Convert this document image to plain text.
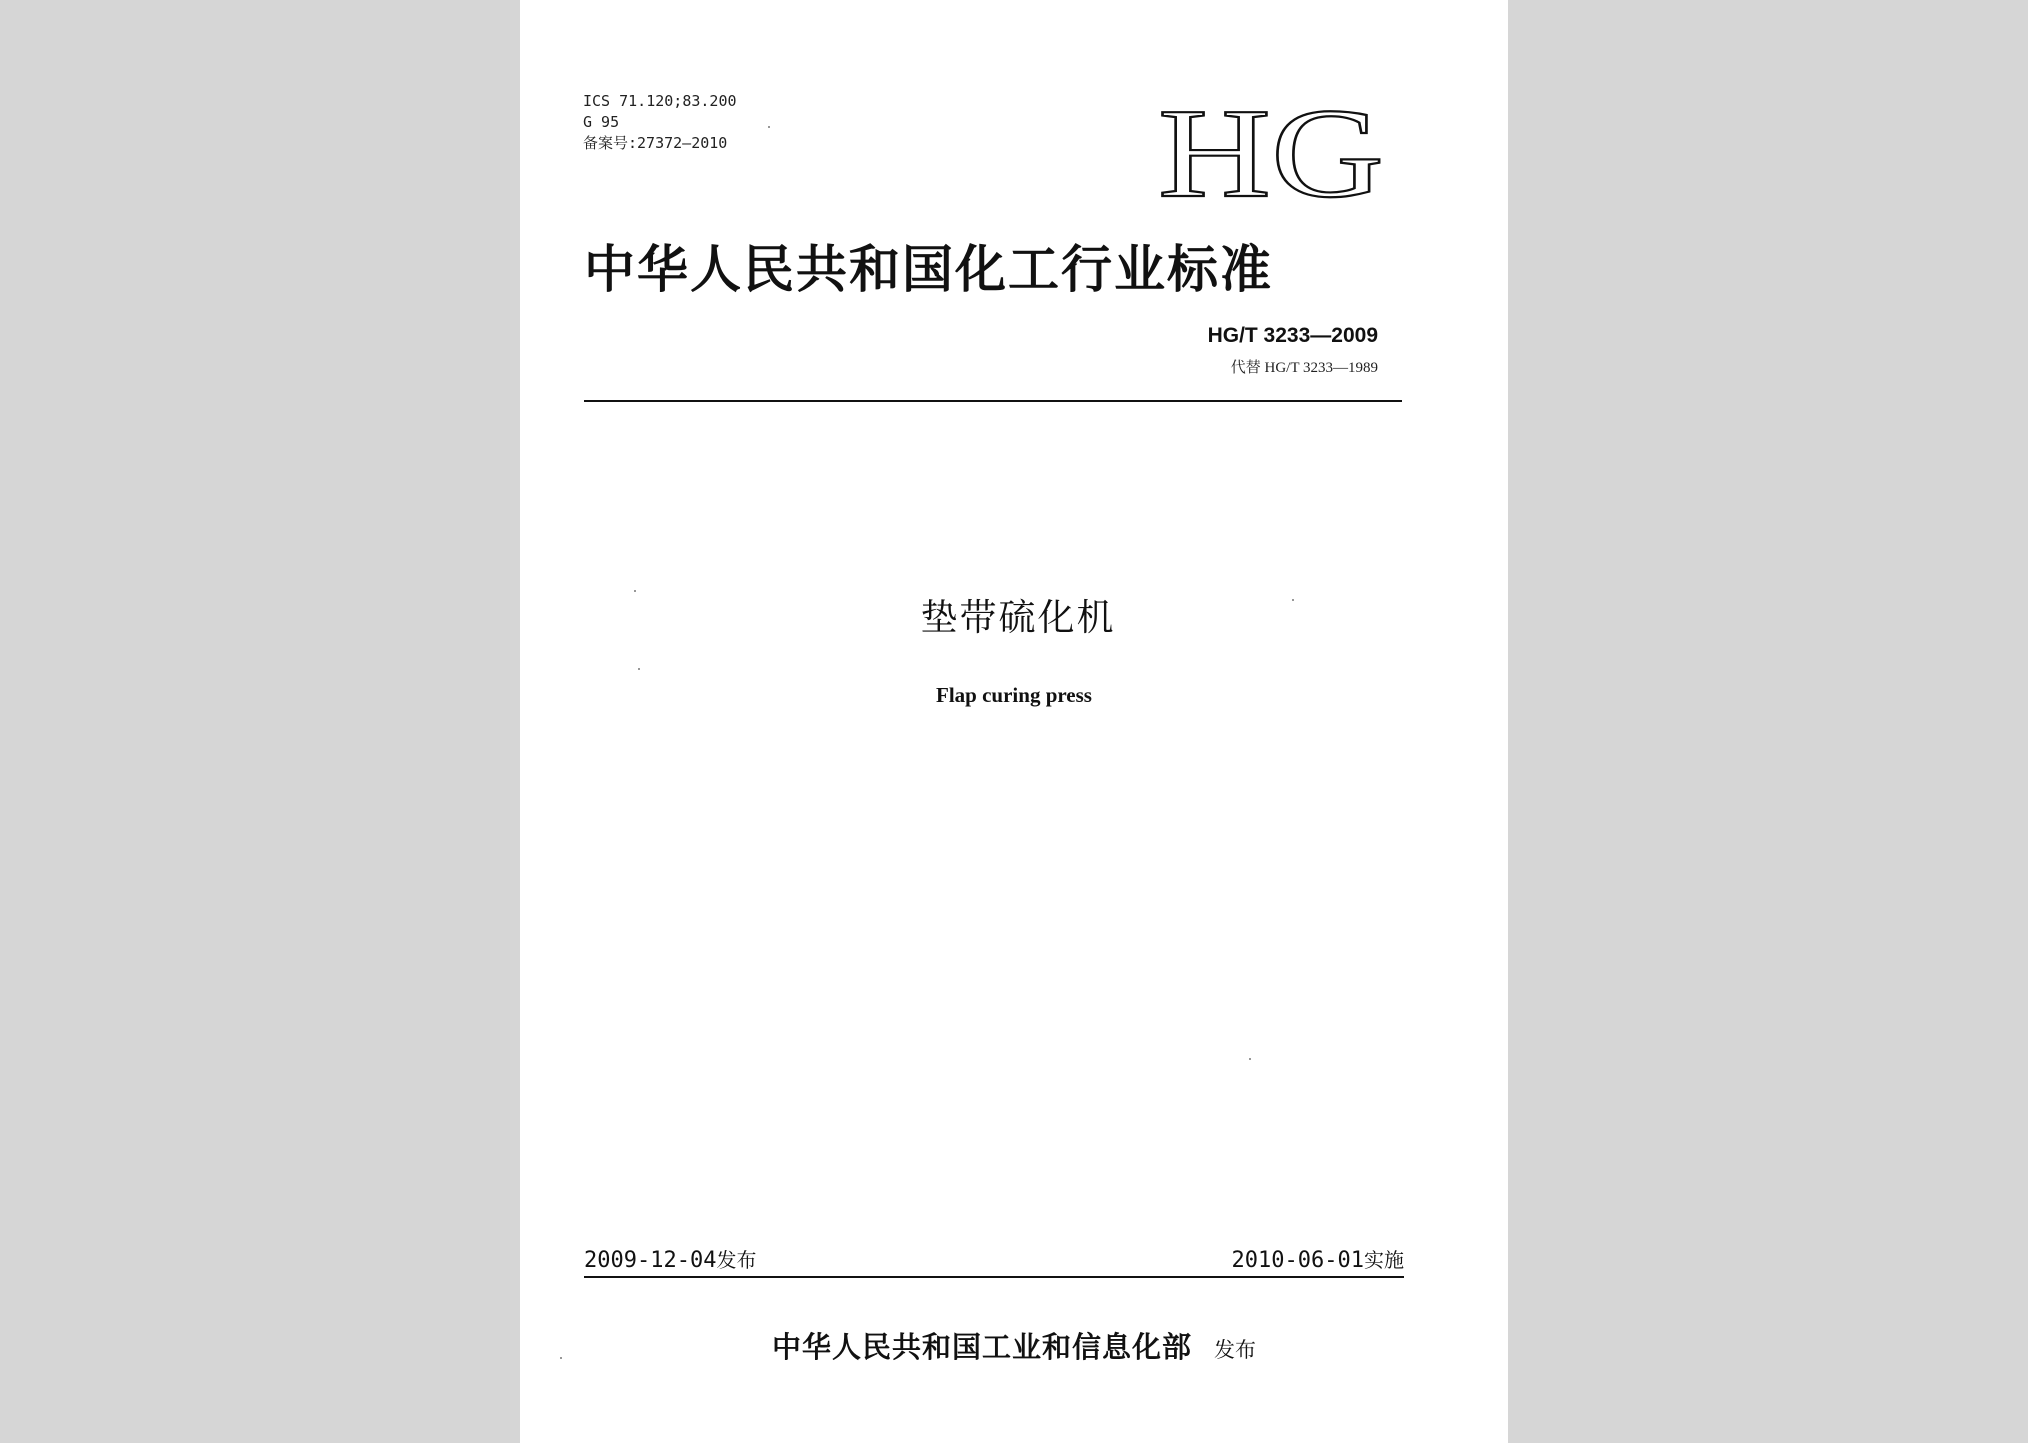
ICS 71.120;83.200
G 95
备案号:27372—2010	HG
中华人民共和国化工行业标准
HG/T 3233—2009
代替 HG/T 3233—1989
垫带硫化机
Flap curing press
2009-12-04发布	2010-06-01实施
中华人民共和国工业和信息化部 发布
